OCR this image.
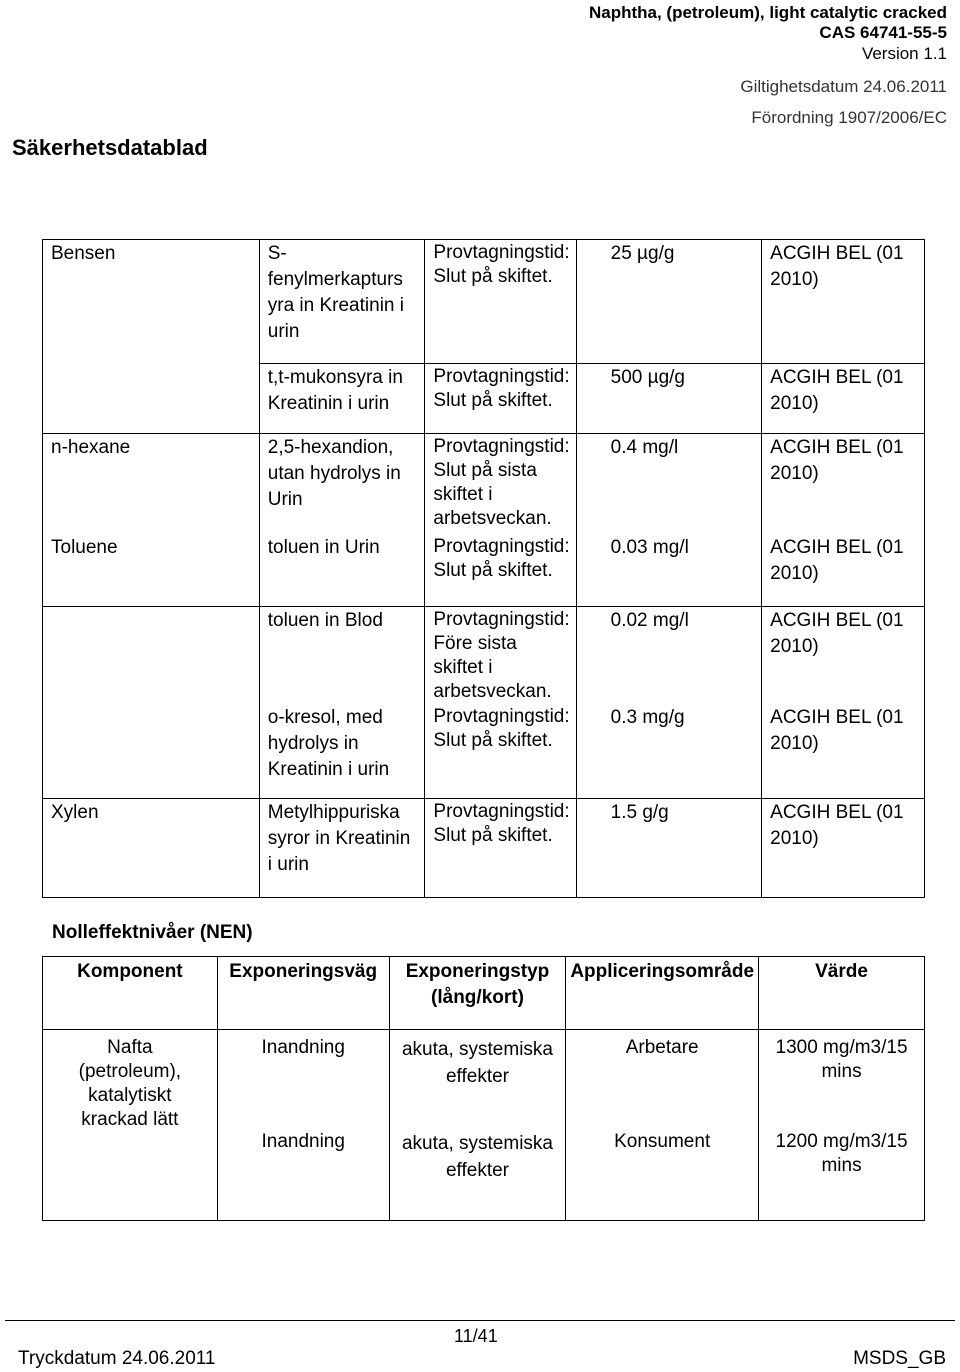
Naphtha, (petroleum), light catalytic cracked
CAS 64741-55-5
Version 1.1
Giltighetsdatum 24.06.2011
Förordning 1907/2006/EC
Säkerhetsdatablad
Bensen	S-fenylmerkapturs yra in Kreatinin i urin	Provtagningstid: Slut på skiftet.	25 µg/g	ACGIH BEL (01 2010)
	t,t-mukonsyra in Kreatinin i urin	Provtagningstid: Slut på skiftet.	500 µg/g	ACGIH BEL (01 2010)
n-hexane	2,5-hexandion, utan hydrolys in Urin	Provtagningstid: Slut på sista skiftet i arbetsveckan.	0.4 mg/l	ACGIH BEL (01 2010)
Toluene	toluen in Urin	Provtagningstid: Slut på skiftet.	0.03 mg/l	ACGIH BEL (01 2010)
	toluen in Blod	Provtagningstid: Före sista skiftet i arbetsveckan.	0.02 mg/l	ACGIH BEL (01 2010)
	o-kresol, med hydrolys in Kreatinin i urin	Provtagningstid: Slut på skiftet.	0.3 mg/g	ACGIH BEL (01 2010)
Xylen	Metylhippuriska syror in Kreatinin i urin	Provtagningstid: Slut på skiftet.	1.5 g/g	ACGIH BEL (01 2010)
Nolleffektnivåer (NEN)
Komponent	Exponeringsväg	Exponeringstyp (lång/kort)	Appliceringsområde	Värde
Nafta (petroleum), katalytiskt krackad lätt	Inandning	akuta, systemiska effekter	Arbetare	1300 mg/m3/15 mins
	Inandning	akuta, systemiska effekter	Konsument	1200 mg/m3/15 mins
11/41
Tryckdatum 24.06.2011	MSDS_GB
